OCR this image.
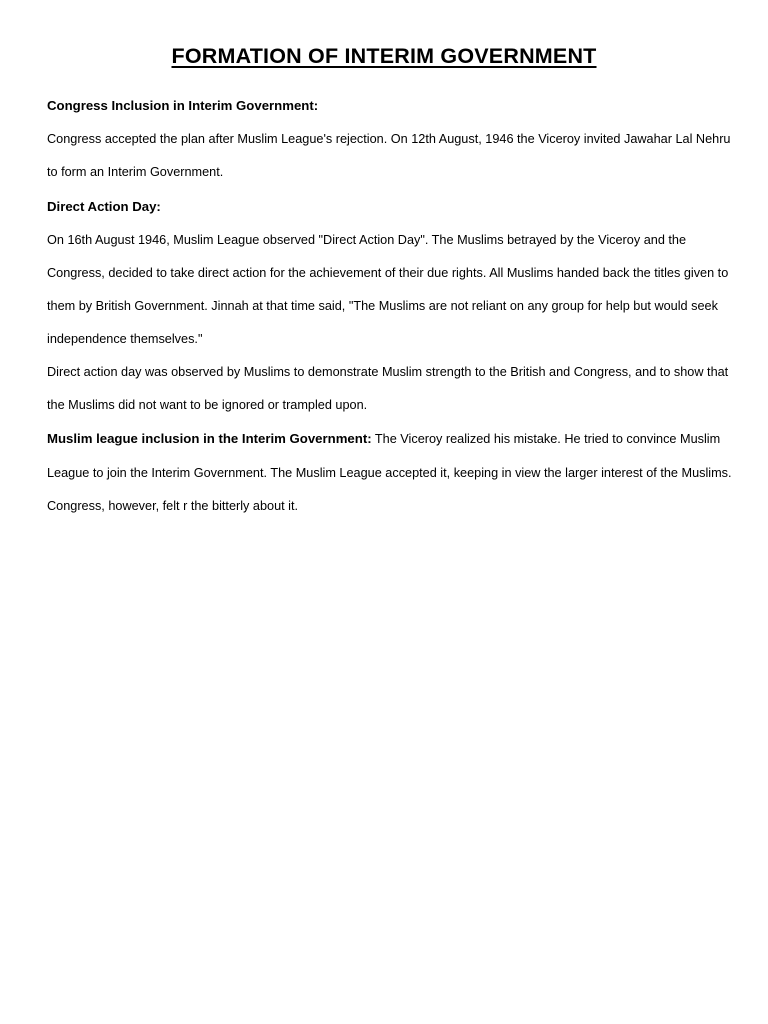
FORMATION OF INTERIM GOVERNMENT
Congress Inclusion in Interim Government:

Congress accepted the plan after Muslim League's rejection. On 12th August, 1946 the Viceroy invited Jawahar Lal Nehru to form an Interim Government.

Direct Action Day:

On 16th August 1946, Muslim League observed "Direct Action Day". The Muslims betrayed by the Viceroy and the Congress, decided to take direct action for the achievement of their due rights. All Muslims handed back the titles given to them by British Government. Jinnah at that time said, "The Muslims are not reliant on any group for help but would seek independence themselves."

Direct action day was observed by Muslims to demonstrate Muslim strength to the British and Congress, and to show that the Muslims did not want to be ignored or trampled upon.

Muslim league inclusion in the Interim Government: The Viceroy realized his mistake. He tried to convince Muslim League to join the Interim Government. The Muslim League accepted it, keeping in view the larger interest of the Muslims. Congress, however, felt r the bitterly about it.
